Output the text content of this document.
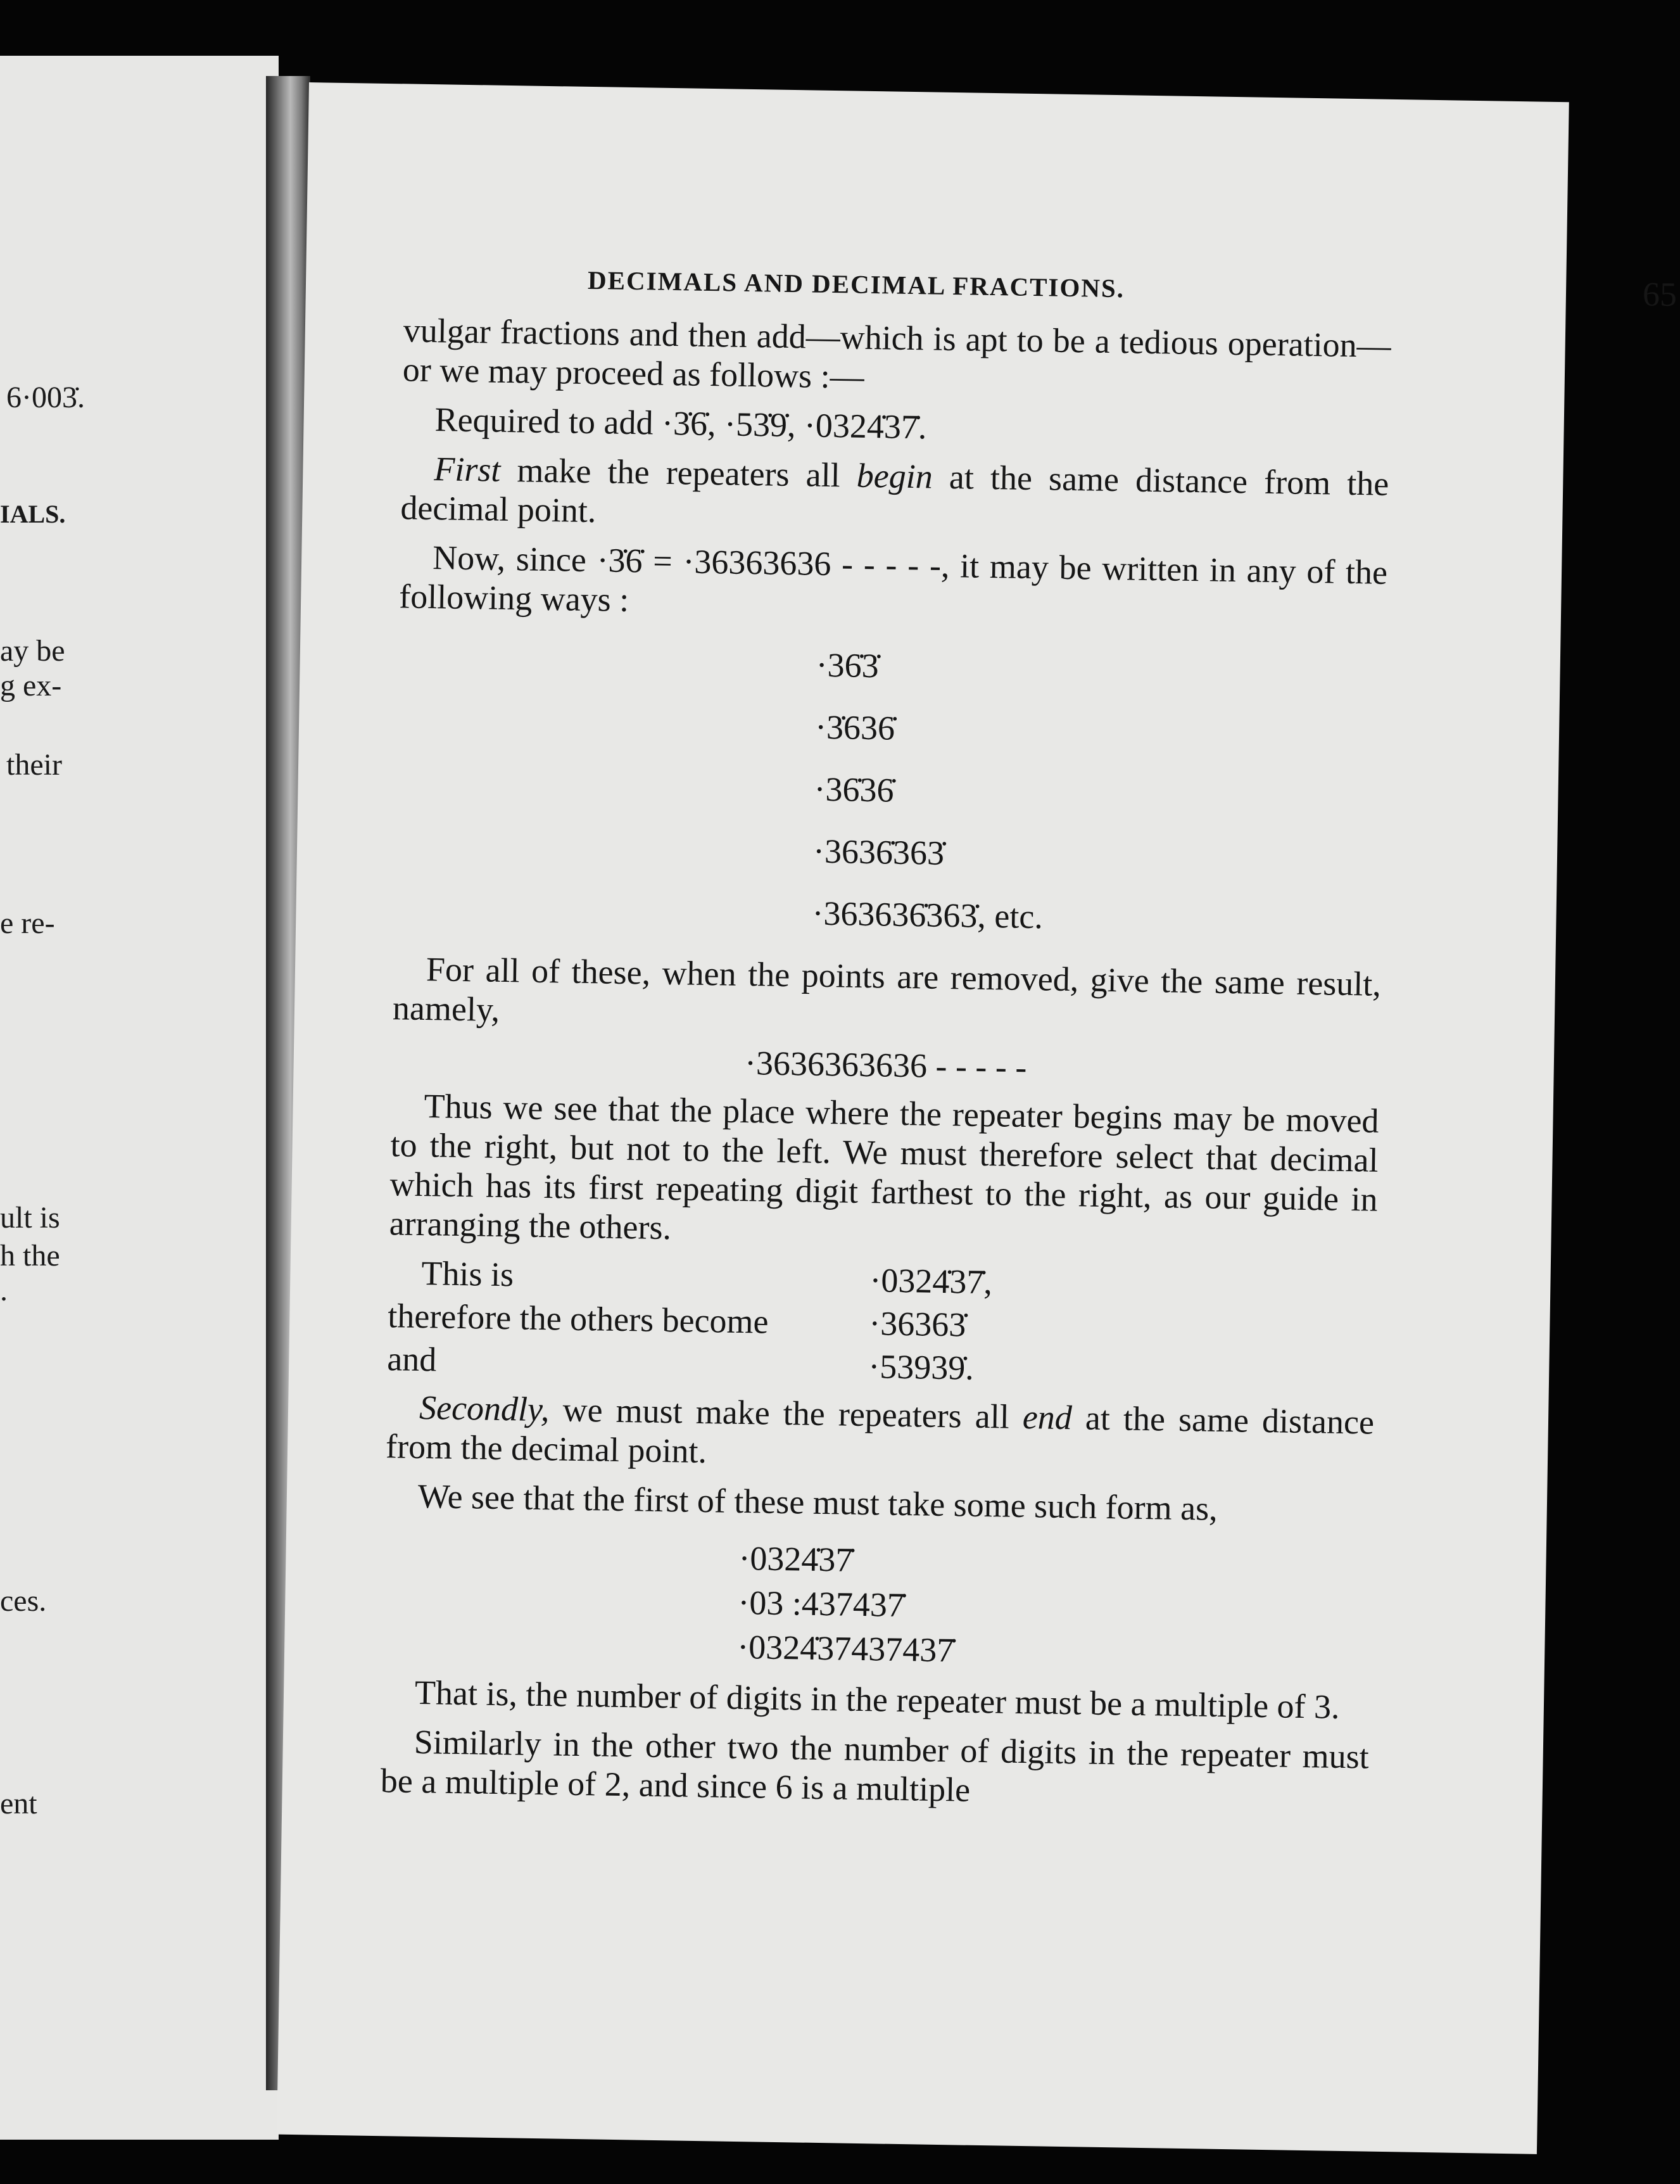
6·003̇.
IALS.
ay be
g ex-
their
e re-
ult is
h the
.
ces.
ent
DECIMALS AND DECIMAL FRACTIONS.	65

vulgar fractions and then add—which is apt to be a tedious operation—or we may proceed as follows :—

Required to add ·3̇6̇, ·53̇9̇, ·0324̇37̇.

First make the repeaters all begin at the same distance from the decimal point.

Now, since ·3̇6̇ = ·36363636 - - - - -, it may be written in any of the following ways :

·36̇3̇
·3̇636̇
·36̇36̇
·3636̇363̇
·363636̇363̇, etc.

For all of these, when the points are removed, give the same result, namely,

·3636363636 - - - - -

Thus we see that the place where the repeater begins may be moved to the right, but not to the left. We must therefore select that decimal which has its first repeating digit farthest to the right, as our guide in arranging the others.

This is	·0324̇37̇,
therefore the others become	·36363̇
and	·53939̇.

Secondly, we must make the repeaters all end at the same distance from the decimal point.

We see that the first of these must take some such form as,

·0324̇37̇
·03 :437437̇
·0324̇37437437̇

That is, the number of digits in the repeater must be a multiple of 3.

Similarly in the other two the number of digits in the repeater must be a multiple of 2, and since 6 is a multiple
